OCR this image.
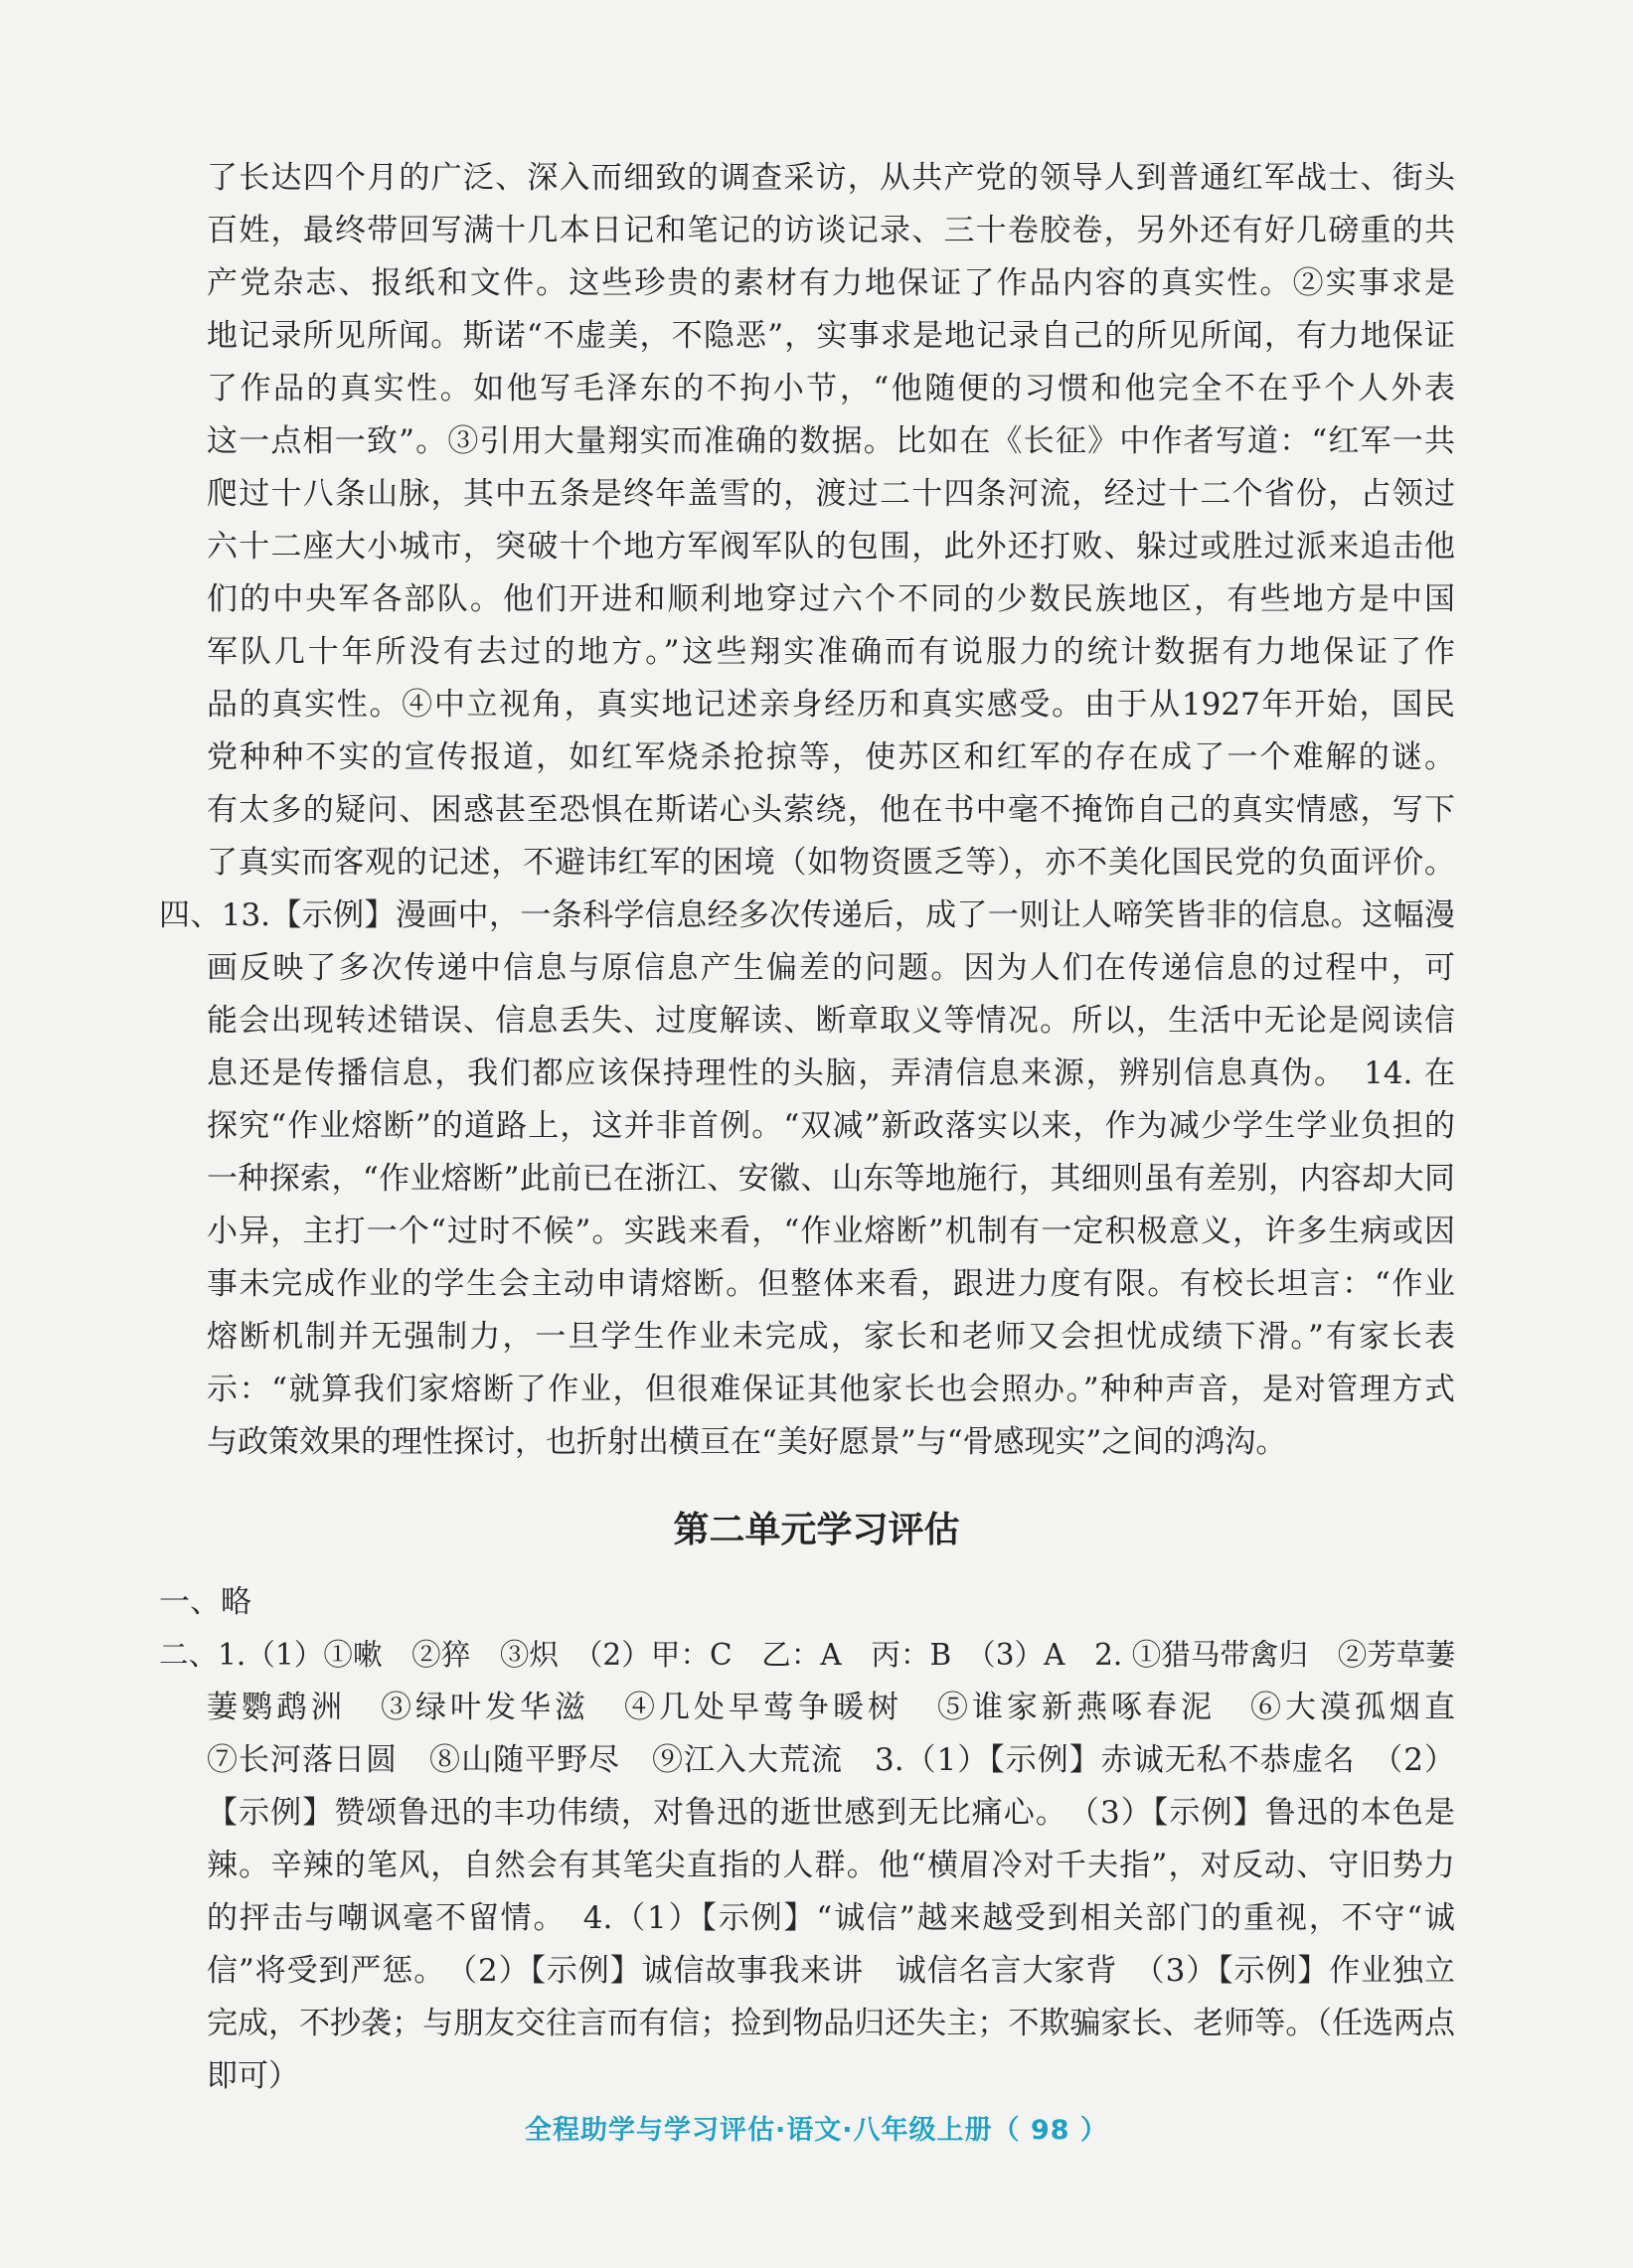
了长达四个月的广泛、深入而细致的调查采访，从共产党的领导人到普通红军战士、街头
百姓，最终带回写满十几本日记和笔记的访谈记录、三十卷胶卷，另外还有好几磅重的共
产党杂志、报纸和文件。这些珍贵的素材有力地保证了作品内容的真实性。②实事求是
地记录所见所闻。斯诺“不虚美，不隐恶”，实事求是地记录自己的所见所闻，有力地保证
了作品的真实性。如他写毛泽东的不拘小节，“他随便的习惯和他完全不在乎个人外表
这一点相一致”。③引用大量翔实而准确的数据。比如在《长征》中作者写道：“红军一共
爬过十八条山脉，其中五条是终年盖雪的，渡过二十四条河流，经过十二个省份，占领过
六十二座大小城市，突破十个地方军阀军队的包围，此外还打败、躲过或胜过派来追击他
们的中央军各部队。他们开进和顺利地穿过六个不同的少数民族地区，有些地方是中国
军队几十年所没有去过的地方。”这些翔实准确而有说服力的统计数据有力地保证了作
品的真实性。④中立视角，真实地记述亲身经历和真实感受。由于从1927年开始，国民
党种种不实的宣传报道，如红军烧杀抢掠等，使苏区和红军的存在成了一个难解的谜。
有太多的疑问、困惑甚至恐惧在斯诺心头萦绕，他在书中毫不掩饰自己的真实情感，写下
了真实而客观的记述，不避讳红军的困境（如物资匮乏等），亦不美化国民党的负面评价。
四、13.【示例】漫画中，一条科学信息经多次传递后，成了一则让人啼笑皆非的信息。这幅漫
画反映了多次传递中信息与原信息产生偏差的问题。因为人们在传递信息的过程中，可
能会出现转述错误、信息丢失、过度解读、断章取义等情况。所以，生活中无论是阅读信
息还是传播信息，我们都应该保持理性的头脑，弄清信息来源，辨别信息真伪。　14. 在
探究“作业熔断”的道路上，这并非首例。“双减”新政落实以来，作为减少学生学业负担的
一种探索，“作业熔断”此前已在浙江、安徽、山东等地施行，其细则虽有差别，内容却大同
小异，主打一个“过时不候”。实践来看，“作业熔断”机制有一定积极意义，许多生病或因
事未完成作业的学生会主动申请熔断。但整体来看，跟进力度有限。有校长坦言：“作业
熔断机制并无强制力，一旦学生作业未完成，家长和老师又会担忧成绩下滑。”有家长表
示：“就算我们家熔断了作业，但很难保证其他家长也会照办。”种种声音，是对管理方式
与政策效果的理性探讨，也折射出横亘在“美好愿景”与“骨感现实”之间的鸿沟。
第二单元学习评估
一、略
二、1.（1）①嗽　②猝　③炽　（2）甲：C　乙：A　丙：B　（3）A　2. ①猎马带禽归　②芳草萋
萋鹦鹉洲　③绿叶发华滋　④几处早莺争暖树　⑤谁家新燕啄春泥　⑥大漠孤烟直
⑦长河落日圆　⑧山随平野尽　⑨江入大荒流　3.（1）【示例】赤诚无私不恭虚名　（2）
【示例】赞颂鲁迅的丰功伟绩，对鲁迅的逝世感到无比痛心。　（3）【示例】鲁迅的本色是
辣。辛辣的笔风，自然会有其笔尖直指的人群。他“横眉冷对千夫指”，对反动、守旧势力
的抨击与嘲讽毫不留情。　4.（1）【示例】“诚信”越来越受到相关部门的重视，不守“诚
信”将受到严惩。　（2）【示例】诚信故事我来讲　诚信名言大家背　（3）【示例】作业独立
完成，不抄袭；与朋友交往言而有信；捡到物品归还失主；不欺骗家长、老师等。（任选两点
即可）
全程助学与学习评估·语文·八年级上册（ 98 ）
